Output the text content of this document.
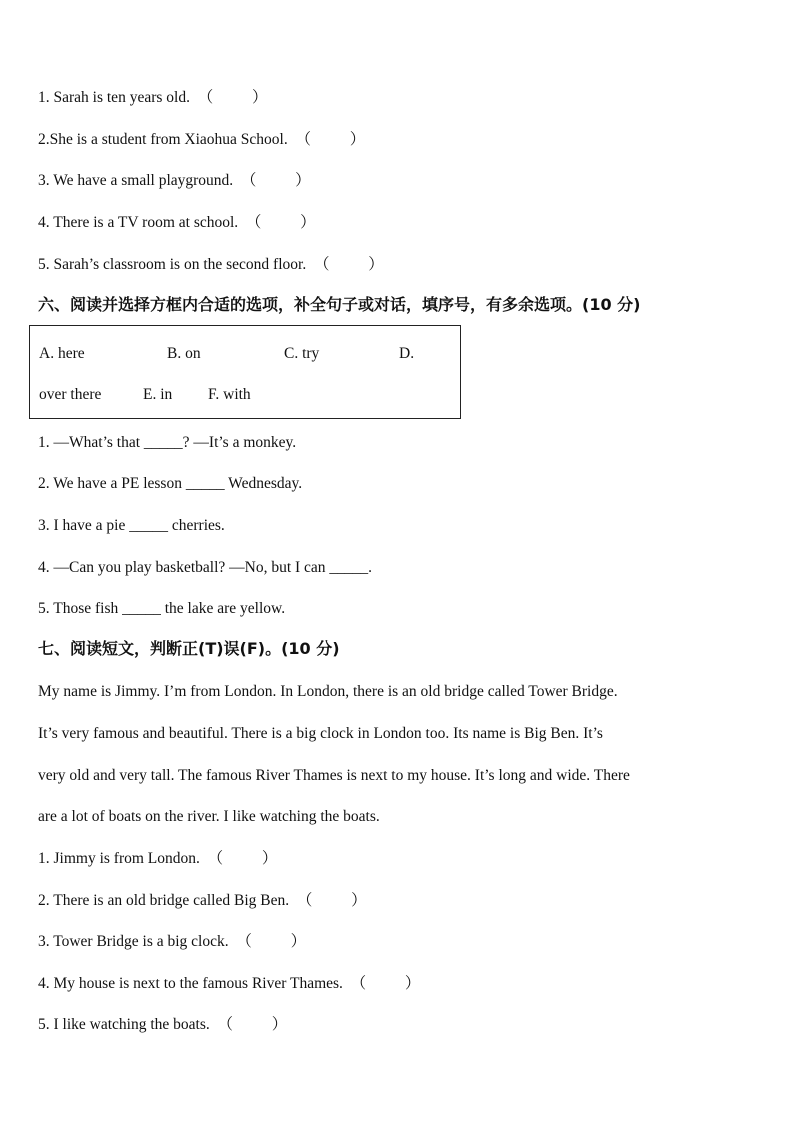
1. Sarah is ten years old.  （          ）
2.She is a student from Xiaohua School.  （          ）
3. We have a small playground.  （          ）
4. There is a TV room at school.  （          ）
5. Sarah’s classroom is on the second floor.  （          ）
六、阅读并选择方框内合适的选项，补全句子或对话，填序号，有多余选项。(10 分)
A. here	B. on	C. try	D.
over there	E. in F. with
1. —What’s that _____? —It’s a monkey.
2. We have a PE lesson _____ Wednesday.
3. I have a pie _____ cherries.
4. —Can you play basketball? —No, but I can _____.
5. Those fish _____ the lake are yellow.
七、阅读短文，判断正(T)误(F)。(10 分)
My name is Jimmy. I’m from London. In London, there is an old bridge called Tower Bridge.
It’s very famous and beautiful. There is a big clock in London too. Its name is Big Ben. It’s
very old and very tall. The famous River Thames is next to my house. It’s long and wide. There
are a lot of boats on the river. I like watching the boats.
1. Jimmy is from London.  （          ）
2. There is an old bridge called Big Ben.  （          ）
3. Tower Bridge is a big clock.  （          ）
4. My house is next to the famous River Thames.  （          ）
5. I like watching the boats.  （          ）
